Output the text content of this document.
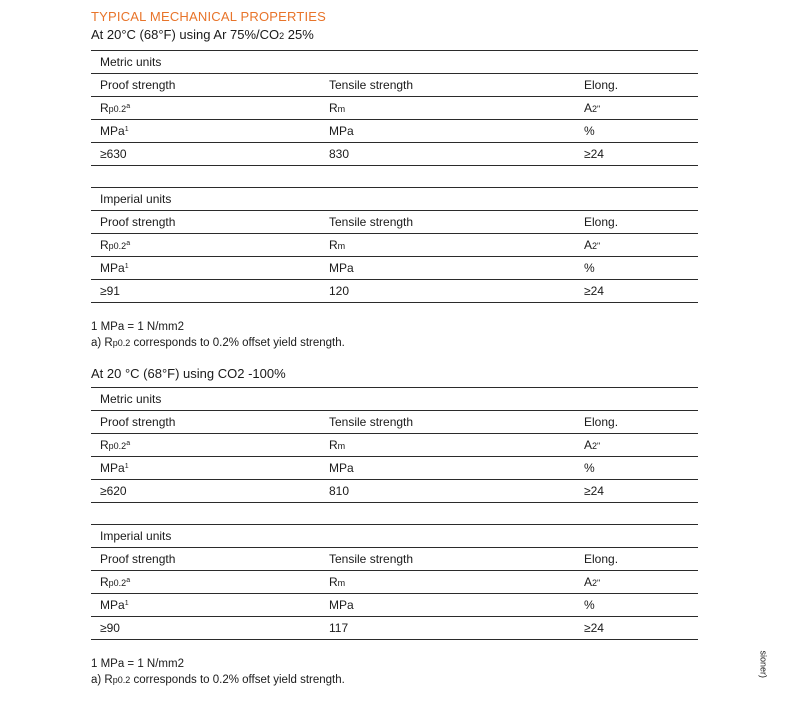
TYPICAL MECHANICAL PROPERTIES
At 20°C (68°F) using Ar 75%/CO2 25%
Metric units		
Proof strength	Tensile strength	Elong.
Rp0.2$^a$	Rm	A2"
MPa$^1$	MPa	%
≥630	830	≥24
Imperial units		
Proof strength	Tensile strength	Elong.
Rp0.2$^a$	Rm	A2"
MPa$^1$	MPa	%
≥91	120	≥24
1 MPa = 1 N/mm2
a) Rp0.2 corresponds to 0.2% offset yield strength.
At 20 °C (68°F) using CO2 -100%
Metric units		
Proof strength	Tensile strength	Elong.
Rp0.2$^a$	Rm	A2"
MPa$^1$	MPa	%
≥620	810	≥24
Imperial units		
Proof strength	Tensile strength	Elong.
Rp0.2$^a$	Rm	A2"
MPa$^1$	MPa	%
≥90	117	≥24
1 MPa = 1 N/mm2
a) Rp0.2 corresponds to 0.2% offset yield strength.
sioner)
